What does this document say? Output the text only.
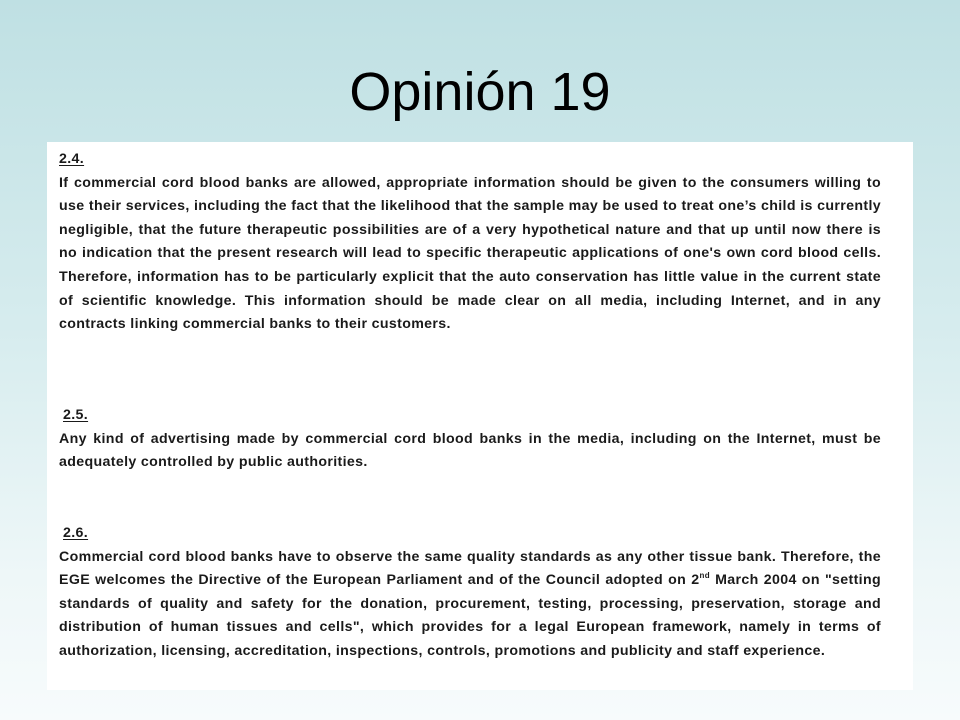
Opinión 19
2.4.
If commercial cord blood banks are allowed, appropriate information should be given to the consumers willing to use their services, including the fact that the likelihood that the sample may be used to treat one’s child is currently negligible, that the future therapeutic possibilities are of a very hypothetical nature and that up until now there is no indication that the present research will lead to specific therapeutic applications of one's own cord blood cells. Therefore, information has to be particularly explicit that the auto conservation has little value in the current state of scientific knowledge. This information should be made clear on all media, including Internet, and in any contracts linking commercial banks to their customers.
2.5.
Any kind of advertising made by commercial cord blood banks in the media, including on the Internet, must be adequately controlled by public authorities.
2.6.
Commercial cord blood banks have to observe the same quality standards as any other tissue bank. Therefore, the EGE welcomes the Directive of the European Parliament and of the Council adopted on 2nd March 2004 on "setting standards of quality and safety for the donation, procurement, testing, processing, preservation, storage and distribution of human tissues and cells", which provides for a legal European framework, namely in terms of authorization, licensing, accreditation, inspections, controls, promotions and publicity and staff experience.
